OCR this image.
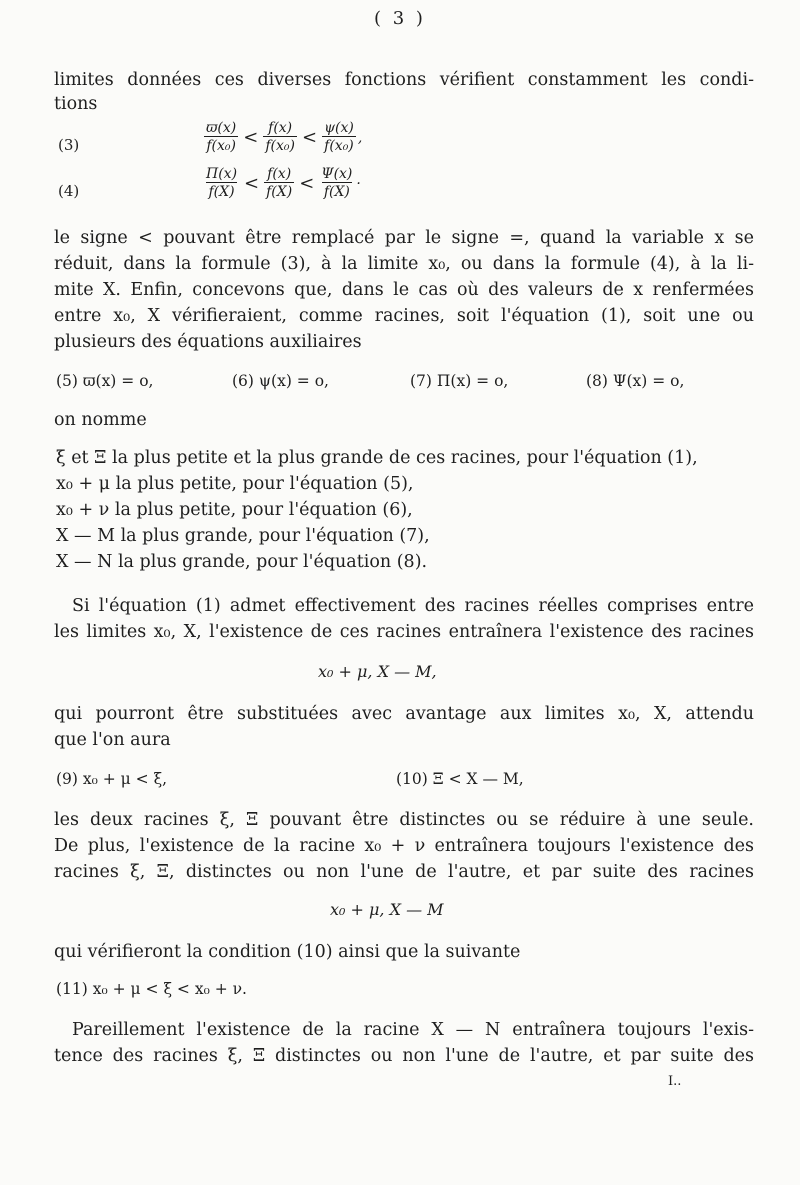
( 3 )
limites données ces diverses fonctions vérifient constamment les condi-
tions
(3)	$\frac{ϖ(x)}{\text{f(x₀)}} < \frac{f(x)}{\text{f(x₀)}} < \frac{\psi(x)}{\text{f(x₀)}}$ ,
(4)	$\frac{\Pi(x)}{f(X)} < \frac{f(x)}{f(X)} < \frac{\Psi(x)}{f(X)}$ ·
le signe < pouvant être remplacé par le signe =, quand la variable x se
réduit, dans la formule (3), à la limite x₀, ou dans la formule (4), à la li-
mite X. Enfin, concevons que, dans le cas où des valeurs de x renfermées
entre x₀, X vérifieraient, comme racines, soit l'équation (1), soit une ou
plusieurs des équations auxiliaires
(5) ϖ(x) = o,	(6) ψ(x) = o,	(7) Π(x) = o,	(8) Ψ(x) = o,
on nomme
ξ et Ξ la plus petite et la plus grande de ces racines, pour l'équation (1),
x₀ + μ la plus petite, pour l'équation (5),
x₀ + ν la plus petite, pour l'équation (6),
X — M la plus grande, pour l'équation (7),
X — N la plus grande, pour l'équation (8).
Si l'équation (1) admet effectivement des racines réelles comprises entre
les limites x₀, X, l'existence de ces racines entraînera l'existence des racines
x₀ + μ, X — M,
qui pourront être substituées avec avantage aux limites x₀, X, attendu
que l'on aura
(9) x₀ + μ < ξ,	(10) Ξ < X — M,
les deux racines ξ, Ξ pouvant être distinctes ou se réduire à une seule.
De plus, l'existence de la racine x₀ + ν entraînera toujours l'existence des
racines ξ, Ξ, distinctes ou non l'une de l'autre, et par suite des racines
x₀ + μ, X — M
qui vérifieront la condition (10) ainsi que la suivante
(11) x₀ + μ < ξ < x₀ + ν.
Pareillement l'existence de la racine X — N entraînera toujours l'exis-
tence des racines ξ, Ξ distinctes ou non l'une de l'autre, et par suite des
I..
